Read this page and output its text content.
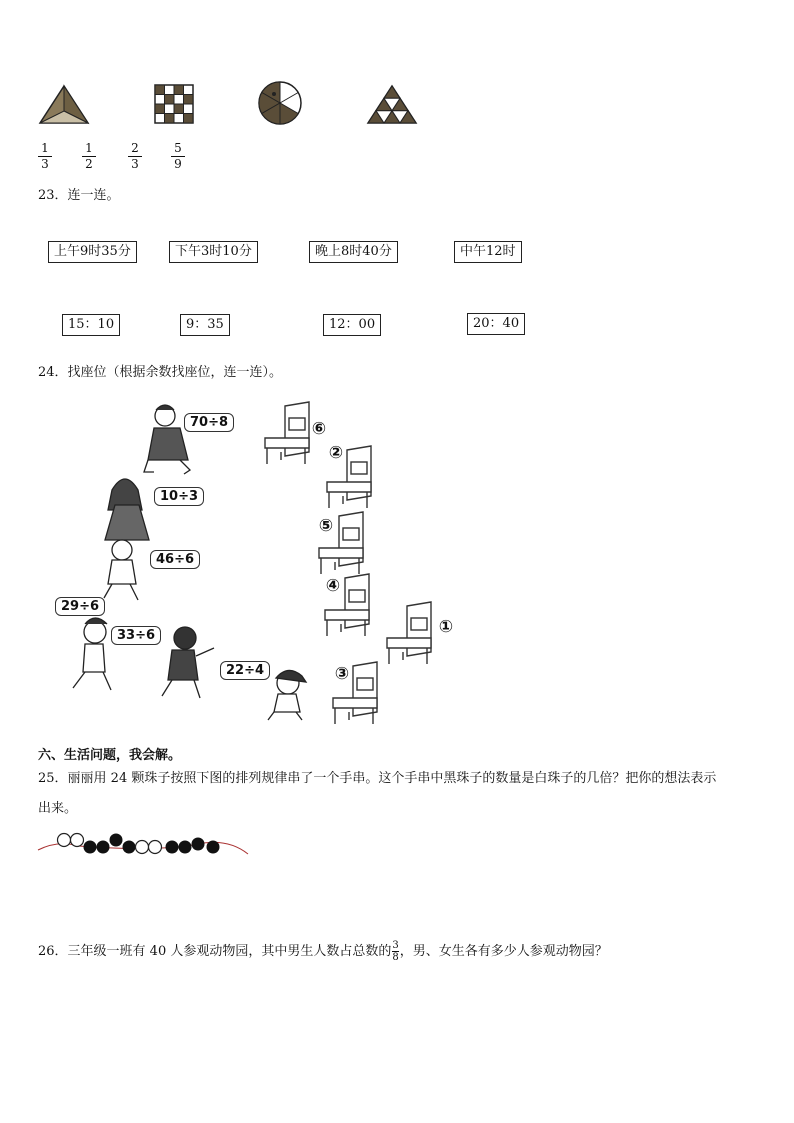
$\frac{1}{3}$	$\frac{1}{2}$	$\frac{2}{3} \frac{5}{9}$
23．连一连。
上午9时35分	下午3时10分	晚上8时40分	中午12时
15：10	9：35	12：00	20：40
24．找座位（根据余数找座位，连一连）。
70÷8
10÷3
46÷6
29÷6
33÷6
22÷4
⑥
②
⑤
④
①
③
六、生活问题，我会解。
25．丽丽用 24 颗珠子按照下图的排列规律串了一个手串。这个手串中黑珠子的数量是白珠子的几倍？把你的想法表示
出来。
26．三年级一班有 40 人参观动物园，其中男生人数占总数的 $\frac{3}{8}$ ，男、女生各有多少人参观动物园？
